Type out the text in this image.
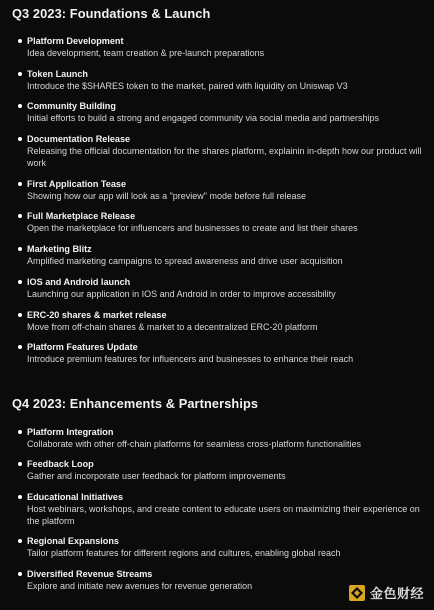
Q3 2023: Foundations & Launch
Platform Development
Idea development, team creation & pre-launch preparations
Token Launch
Introduce the $SHARES token to the market, paired with liquidity on Uniswap V3
Community Building
Initial efforts to build a strong and engaged community via social media and partnerships
Documentation Release
Releasing the official documentation for the shares platform, explainin in-depth how our product will work
First Application Tease
Showing how our app will look as a "preview" mode before full release
Full Marketplace Release
Open the marketplace for influencers and businesses to create and list their shares
Marketing Blitz
Amplified marketing campaigns to spread awareness and drive user acquisition
IOS and Android launch
Launching our application in IOS and Android in order to improve accessibility
ERC-20 shares & market release
Move from off-chain shares & market to a decentralized ERC-20 platform
Platform Features Update
Introduce premium features for influencers and businesses to enhance their reach
Q4 2023: Enhancements & Partnerships
Platform Integration
Collaborate with other off-chain platforms for seamless cross-platform functionalities
Feedback Loop
Gather and incorporate user feedback for platform improvements
Educational Initiatives
Host webinars, workshops, and create content to educate users on maximizing their experience on the platform
Regional Expansions
Tailor platform features for different regions and cultures, enabling global reach
Diversified Revenue Streams
Explore and initiate new avenues for revenue generation
金色财经
